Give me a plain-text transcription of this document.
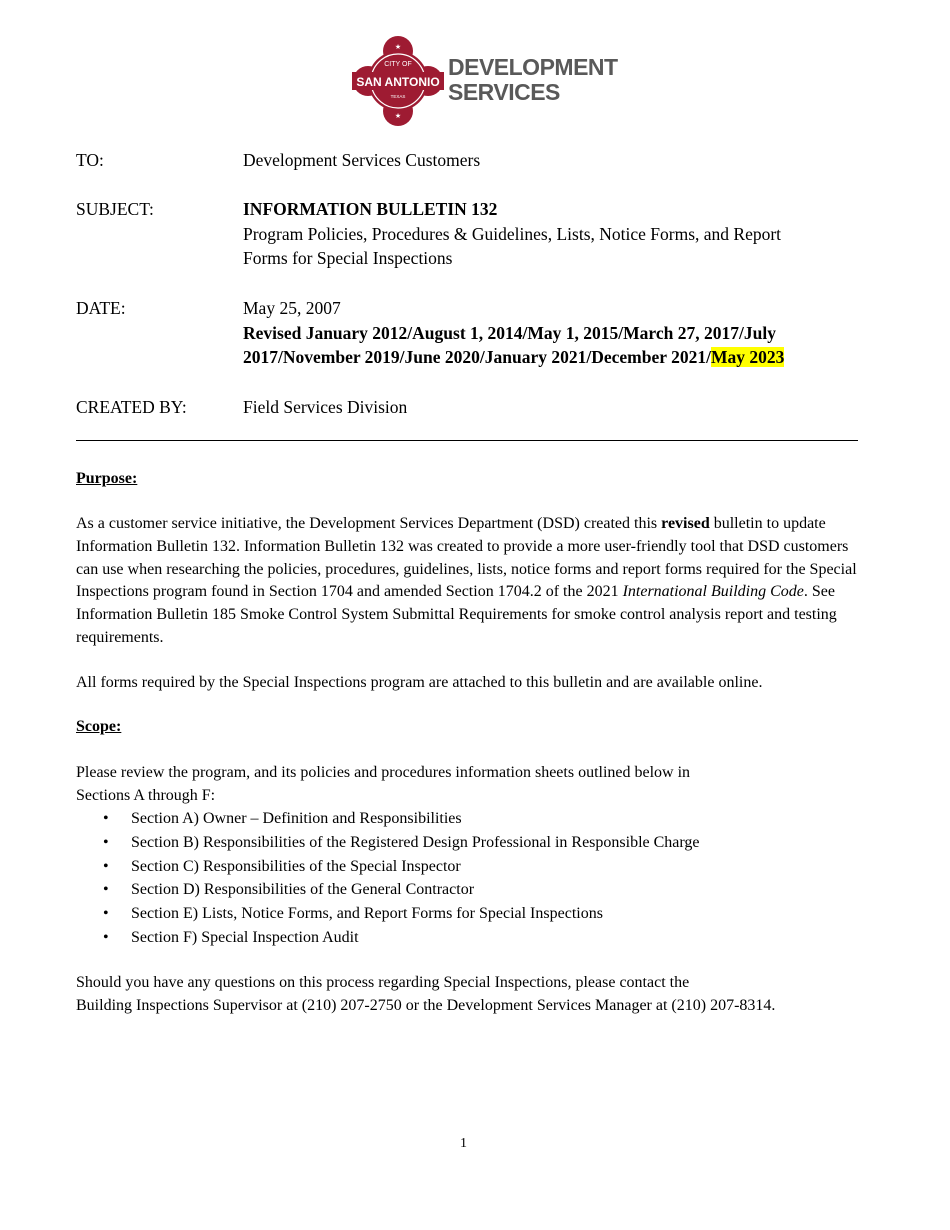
CITY OF
SAN ANTONIO
TEXAS
★
★
DEVELOPMENT
SERVICES
TO:	Development Services Customers
SUBJECT:	INFORMATION BULLETIN 132
Program Policies, Procedures & Guidelines, Lists, Notice Forms, and Report
Forms for Special Inspections
DATE:	May 25, 2007
Revised January 2012/August 1, 2014/May 1, 2015/March 27, 2017/July
2017/November 2019/June 2020/January 2021/December 2021/May 2023
CREATED BY:	Field Services Division
Purpose:
As a customer service initiative, the Development Services Department (DSD) created this revised bulletin to update Information Bulletin 132. Information Bulletin 132 was created to provide a more user-friendly tool that DSD customers can use when researching the policies, procedures, guidelines, lists, notice forms and report forms required for the Special Inspections program found in Section 1704 and amended Section 1704.2 of the 2021 International Building Code. See Information Bulletin 185 Smoke Control System Submittal Requirements for smoke control analysis report and testing requirements.
All forms required by the Special Inspections program are attached to this bulletin and are available online.
Scope:
Please review the program, and its policies and procedures information sheets outlined below in
Sections A through F:
• Section A) Owner – Definition and Responsibilities
• Section B) Responsibilities of the Registered Design Professional in Responsible Charge
• Section C) Responsibilities of the Special Inspector
• Section D) Responsibilities of the General Contractor
• Section E) Lists, Notice Forms, and Report Forms for Special Inspections
• Section F) Special Inspection Audit
Should you have any questions on this process regarding Special Inspections, please contact the
Building Inspections Supervisor at (210) 207-2750 or the Development Services Manager at (210) 207-8314.
1
